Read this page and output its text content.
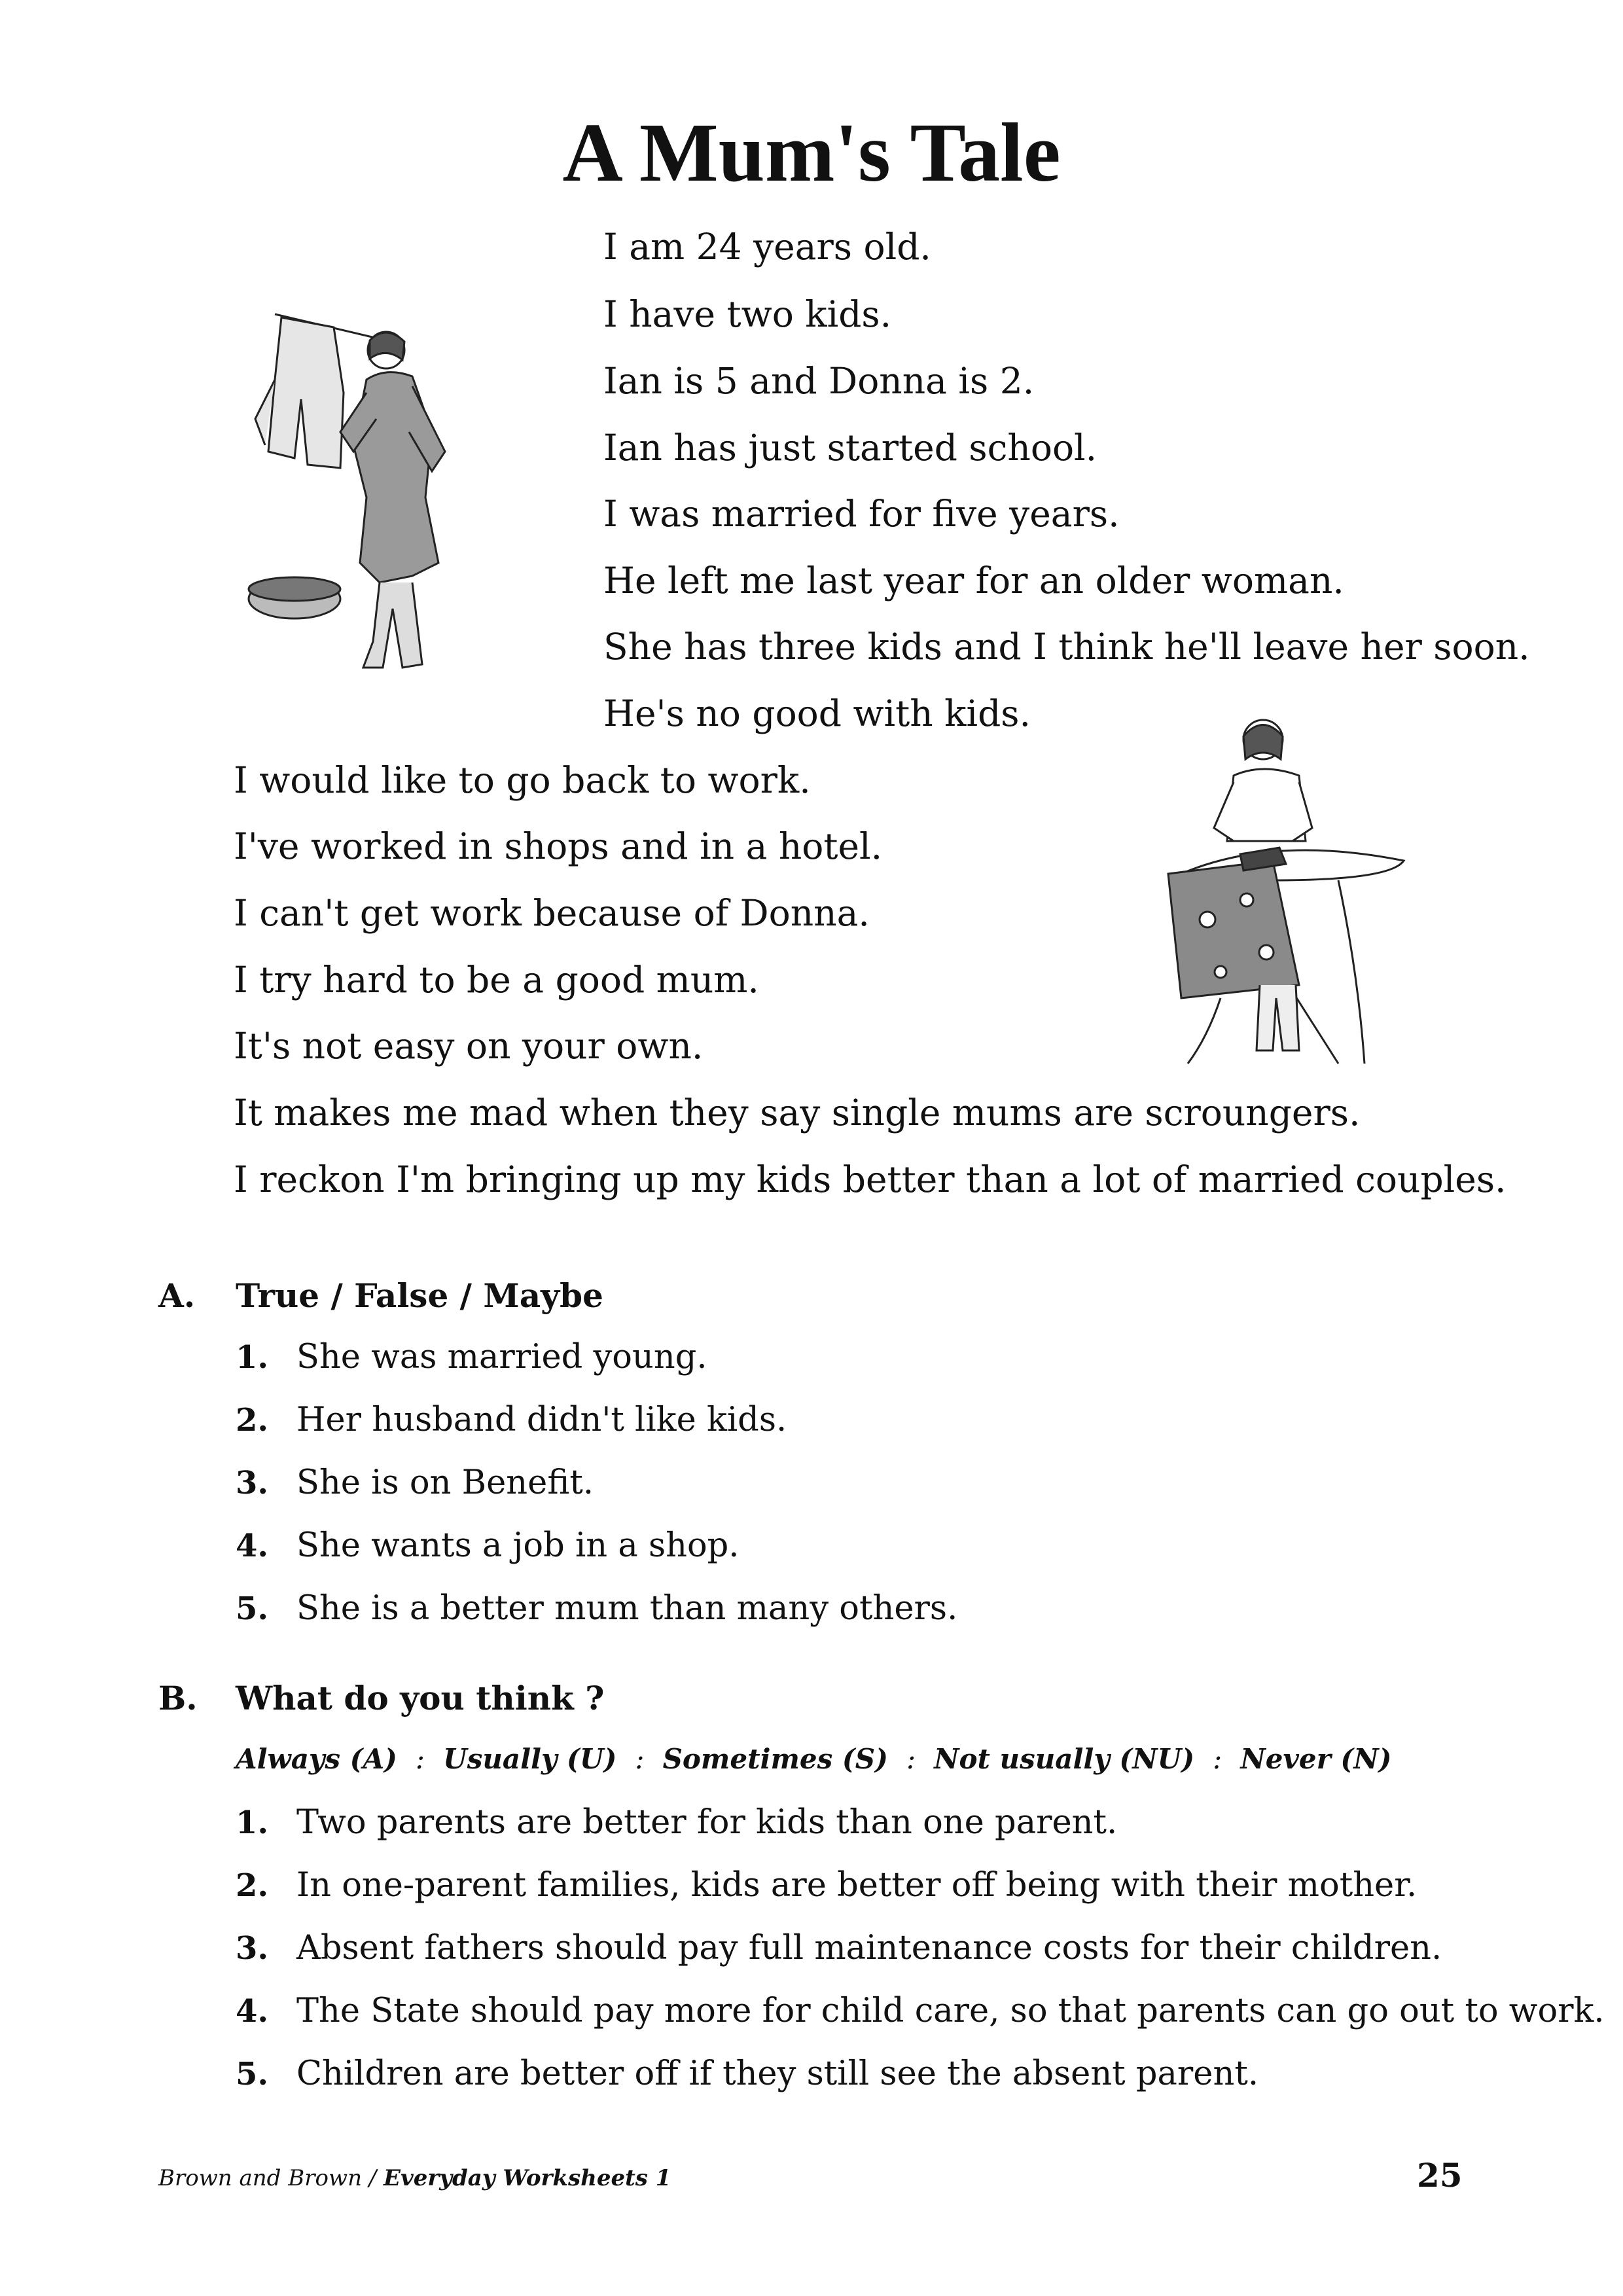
A Mum's Tale
I am 24 years old.
I have two kids.
Ian is 5 and Donna is 2.
Ian has just started school.
I was married for five years.
He left me last year for an older woman.
She has three kids and I think he'll leave her soon.
He's no good with kids.
I would like to go back to work.
I've worked in shops and in a hotel.
I can't get work because of Donna.
I try hard to be a good mum.
It's not easy on your own.
It makes me mad when they say single mums are scroungers.
I reckon I'm bringing up my kids better than a lot of married couples.
A. True / False / Maybe
1. She was married young.
2. Her husband didn't like kids.
3. She is on Benefit.
4. She wants a job in a shop.
5. She is a better mum than many others.
B. What do you think ?
Always (A) : Usually (U) : Sometimes (S) : Not usually (NU) : Never (N)
1. Two parents are better for kids than one parent.
2. In one-parent families, kids are better off being with their mother.
3. Absent fathers should pay full maintenance costs for their children.
4. The State should pay more for child care, so that parents can go out to work.
5. Children are better off if they still see the absent parent.
Brown and Brown / Everyday Worksheets 1	25
